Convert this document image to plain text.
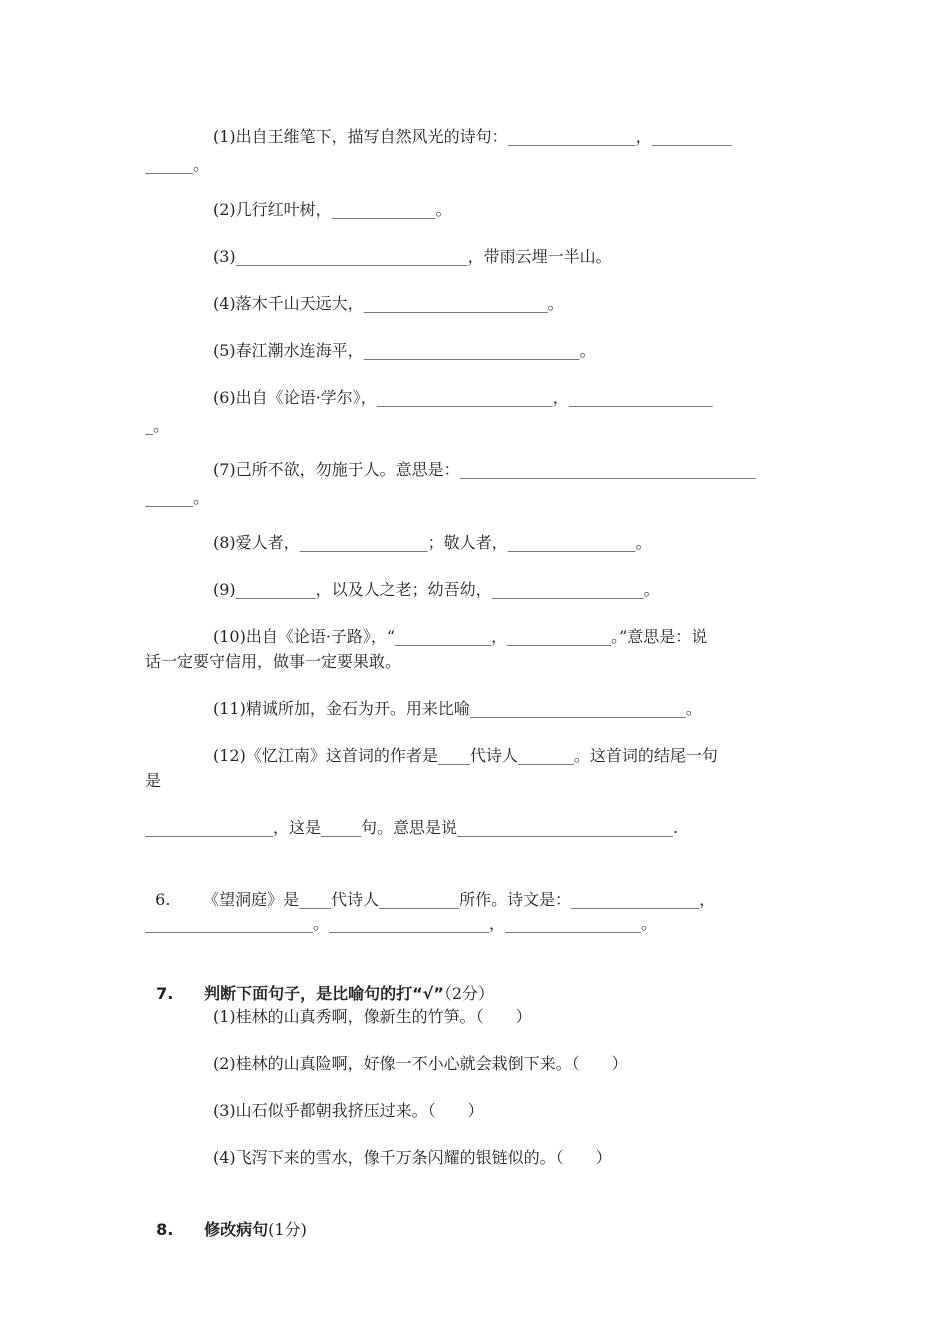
(1)出自王维笔下，描写自然风光的诗句：________________，__________
______。
(2)几行红叶树，_____________。
(3)_____________________________，带雨云埋一半山。
(4)落木千山天远大，_______________________。
(5)春江潮水连海平，___________________________。
(6)出自《论语·学尔》，______________________，__________________
_。
(7)己所不欲，勿施于人。意思是：_____________________________________
______。
(8)爱人者，________________；敬人者，________________。
(9)__________，以及人之老；幼吾幼，___________________。
(10)出自《论语·子路》，“____________，_____________。”意思是：说
话一定要守信用，做事一定要果敢。
(11)精诚所加，金石为开。用来比喻___________________________。
(12)《忆江南》这首词的作者是____代诗人_______。这首词的结尾一句
是
________________，这是_____句。意思是说___________________________.

6. 《望洞庭》是____代诗人__________所作。诗文是：________________，

_____________________。____________________，_________________。

7. 判断下面句子，是比喻句的打“√”（2分）

(1)桂林的山真秀啊，像新生的竹笋。（　　）
(2)桂林的山真险啊，好像一不小心就会栽倒下来。（　　）
(3)山石似乎都朝我挤压过来。（　　）
(4)飞泻下来的雪水，像千万条闪耀的银链似的。（　　）

8. 修改病句(1分)
